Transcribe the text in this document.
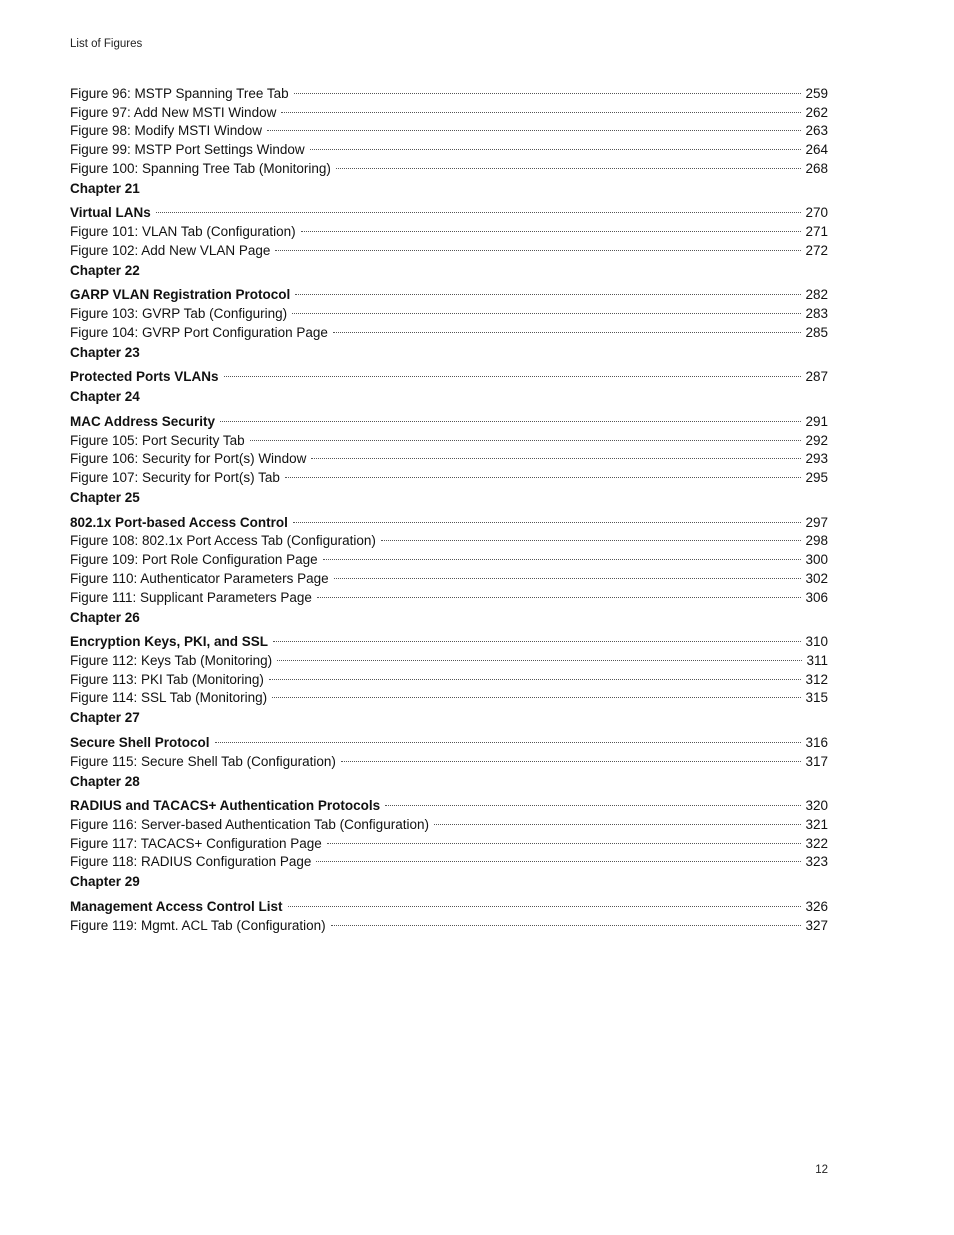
List of Figures
Figure 96: MSTP Spanning Tree Tab	259
Figure 97: Add New MSTI Window	262
Figure 98: Modify MSTI Window	263
Figure 99: MSTP Port Settings Window	264
Figure 100: Spanning Tree Tab (Monitoring)	268
Chapter 21
Virtual LANs	270
Figure 101: VLAN Tab (Configuration)	271
Figure 102: Add New VLAN Page	272
Chapter 22
GARP VLAN Registration Protocol	282
Figure 103: GVRP Tab (Configuring)	283
Figure 104: GVRP Port Configuration Page	285
Chapter 23
Protected Ports VLANs	287
Chapter 24
MAC Address Security	291
Figure 105: Port Security Tab	292
Figure 106: Security for Port(s) Window	293
Figure 107: Security for Port(s) Tab	295
Chapter 25
802.1x Port-based Access Control	297
Figure 108: 802.1x Port Access Tab (Configuration)	298
Figure 109: Port Role Configuration Page	300
Figure 110: Authenticator Parameters Page	302
Figure 111: Supplicant Parameters Page	306
Chapter 26
Encryption Keys, PKI, and SSL	310
Figure 112: Keys Tab (Monitoring)	311
Figure 113: PKI Tab (Monitoring)	312
Figure 114: SSL Tab (Monitoring)	315
Chapter 27
Secure Shell Protocol	316
Figure 115: Secure Shell Tab (Configuration)	317
Chapter 28
RADIUS and TACACS+ Authentication Protocols	320
Figure 116: Server-based Authentication Tab (Configuration)	321
Figure 117: TACACS+ Configuration Page	322
Figure 118: RADIUS Configuration Page	323
Chapter 29
Management Access Control List	326
Figure 119: Mgmt. ACL Tab (Configuration)	327
12
